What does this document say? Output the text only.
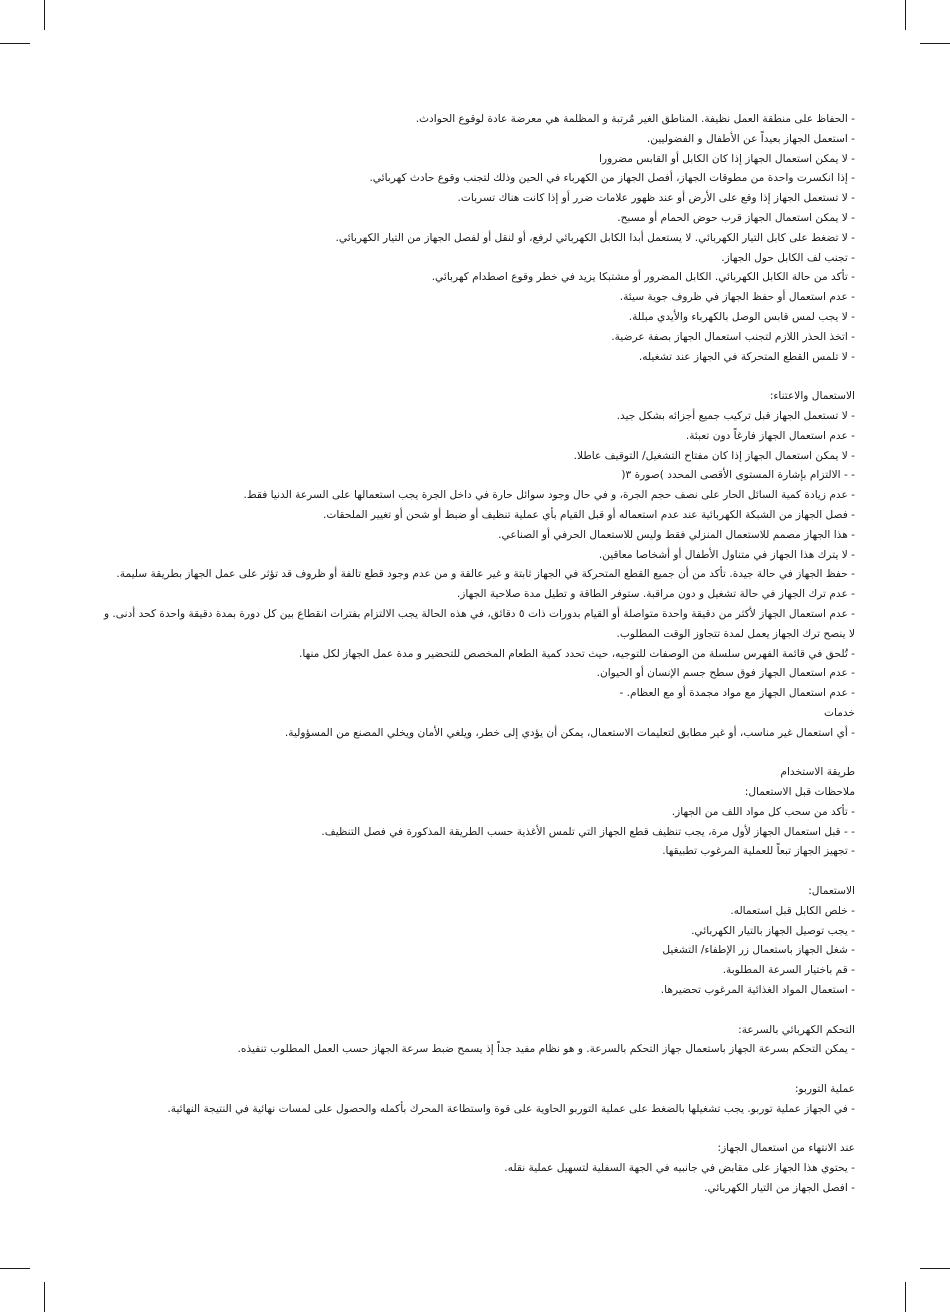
- الحفاظ على منطقة العمل نظيفة. المناطق الغير مُرتبة و المظلمة هي معرضة عادة لوقوع الحوادث.
- استعمل الجهاز بعيداً عن الأطفال و الفضوليين.
- لا يمكن استعمال الجهاز إذا كان الكابل أو القابس مضرورا
- إذا انكسرت واحدة من مطوقات الجهاز، أفصل الجهاز من الكهرباء في الحين وذلك لتجنب وقوع حادث كهربائي.
- لا تستعمل الجهاز إذا وقع على الأرض أو عند ظهور علامات ضرر أو إذا كانت هناك تسربات.
- لا يمكن استعمال الجهاز قرب حوض الحمام أو مسبح.
- لا تضغط على كابل التيار الكهربائي. لا يستعمل أبدا الكابل الكهربائي لرفع، أو لنقل أو لفصل الجهاز من التيار الكهربائي.
- تجنب لف الكابل حول الجهاز.
- تأكد من حالة الكابل الكهربائي. الكابل المضرور أو مشتبكا يزيد في خطر وقوع اصطدام كهربائي.
- عدم استعمال أو حفظ الجهاز في ظروف جوية سيئة.
- لا يجب لمس قابس الوصل بالكهرباء والأيدي مبللة.
- اتخذ الحذر اللازم لتجنب استعمال الجهاز بصفة عرضية.
- لا تلمس القطع المتحركة في الجهاز عند تشغيله.
الاستعمال والاعتناء:
- لا تستعمل الجهاز قبل تركيب جميع أجزائه بشكل جيد.
- عدم استعمال الجهاز فارغاً دون تعبئة.
- لا يمكن استعمال الجهاز إذا كان مفتاح التشغيل/ التوقيف عاطلا.
- - الالتزام بإشارة المستوى الأقصى المحدد )صورة ٣(
- عدم زيادة كمية السائل الحار على نصف حجم الجرة، و في حال وجود سوائل حارة في داخل الجرة يجب استعمالها على السرعة الدنيا فقط.
- فصل الجهاز من الشبكة الكهربائية عند عدم استعماله أو قبل القيام بأي عملية تنظيف أو ضبط أو شحن أو تغيير الملحقات.
- هذا الجهاز مصمم للاستعمال المنزلي فقط وليس للاستعمال الحرفي أو الصناعي.
- لا يترك هذا الجهاز في متناول الأطفال أو أشخاصا معاقين.
- حفظ الجهاز في حالة جيدة. تأكد من أن جميع القطع المتحركة في الجهاز ثابتة و غير عالقة و من عدم وجود قطع تالفة أو ظروف قد تؤثر على عمل الجهاز بطريقة سليمة.
- عدم ترك الجهاز في حالة تشغيل و دون مراقبة. ستوفر الطاقة و تطيل مدة صلاحية الجهاز.
- عدم استعمال الجهاز لأكثر من دقيقة واحدة متواصلة أو القيام بدورات ذات ٥ دقائق، في هذه الحالة يجب الالتزام بفترات انقطاع بين كل دورة بمدة دقيقة واحدة كحد أدنى. و لا ينصح ترك الجهاز يعمل لمدة تتجاوز الوقت المطلوب.
- تُلحق في قائمة الفهرس سلسلة من الوصفات للتوجيه، حيث تحدد كمية الطعام المخصص للتحضير و مدة عمل الجهاز لكل منها.
- عدم استعمال الجهاز فوق سطح جسم الإنسان أو الحيوان.
- عدم استعمال الجهاز مع مواد مجمدة أو مع العظام. -
خدمات
- أي استعمال غير مناسب، أو غير مطابق لتعليمات الاستعمال، يمكن أن يؤدي إلى خطر، ويلغي الأمان ويخلي المصنع من المسؤولية.
طريقة الاستخدام
ملاحظات قبل الاستعمال:
- تأكد من سحب كل مواد اللف من الجهاز.
- - قبل استعمال الجهاز لأول مرة، يجب تنظيف قطع الجهاز التي تلمس الأغذية حسب الطريقة المذكورة في فصل التنظيف.
- تجهيز الجهاز تبعاً للعملية المرغوب تطبيقها.
الاستعمال:
- خلص الكابل قبل استعماله.
- يجب توصيل الجهاز بالتيار الكهربائي.
- شغل الجهاز باستعمال زر الإطفاء/ التشغيل
- قم باختيار السرعة المطلوبة.
- استعمال المواد الغذائية المرغوب تحضيرها.
التحكم الكهربائي بالسرعة:
- يمكن التحكم بسرعة الجهاز باستعمال جهاز التحكم بالسرعة. و هو نظام مفيد جداً إذ يسمح ضبط سرعة الجهاز حسب العمل المطلوب تنفيذه.
عملية التوربو:
- في الجهاز عملية توربو. يجب تشغيلها بالضغط على عملية التوربو الحاوية على قوة واستطاعة المحرك بأكمله والحصول على لمسات نهائية في النتيجة النهائية.
عند الانتهاء من استعمال الجهاز:
- يحتوي هذا الجهاز على مقابض في جانبيه في الجهة السفلية لتسهيل عملية نقله.
- افصل الجهاز من التيار الكهربائي.
